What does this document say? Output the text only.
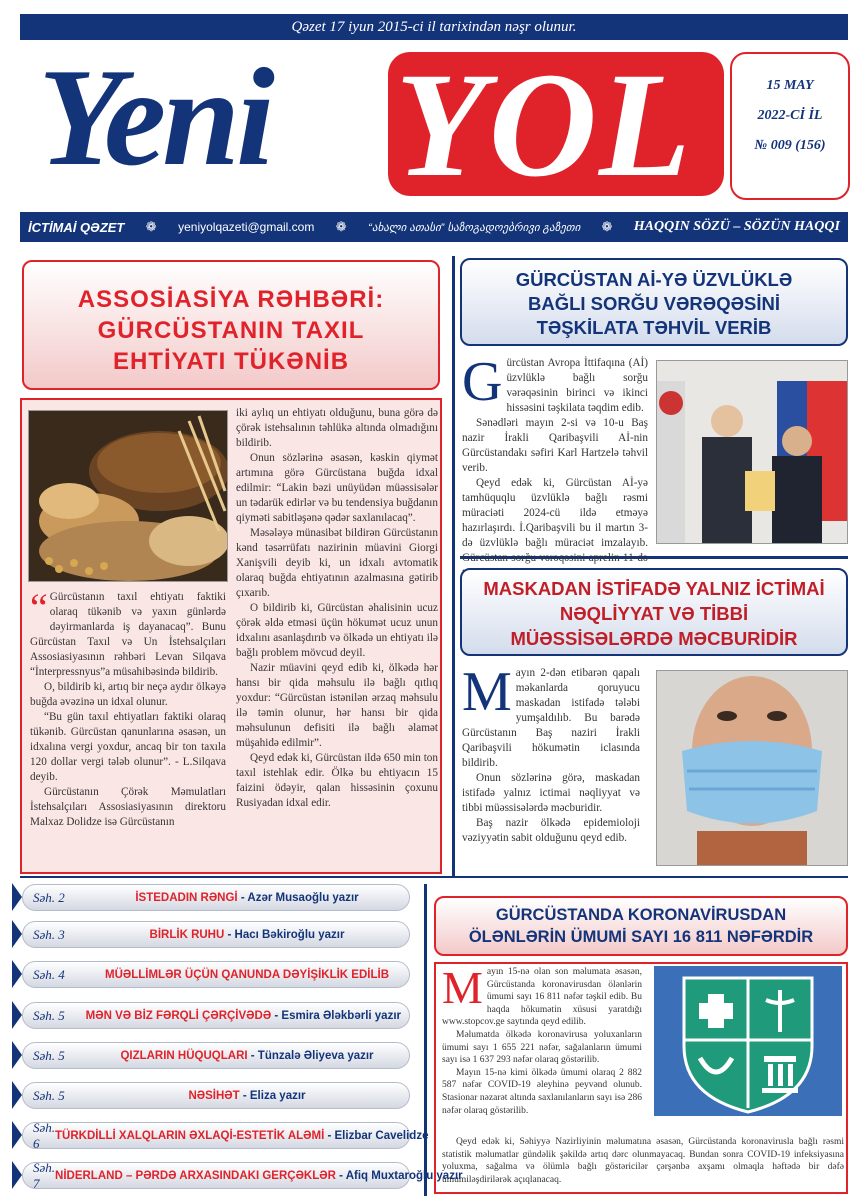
Qəzet 17 iyun 2015-ci il tarixindən nəşr olunur.
Yeni YOL	15 MAY
2022-Cİ İL
№ 009 (156)
İCTİMAİ QƏZET ❁ yeniyolqazeti@gmail.com ❁ “ახალი ათასი” საზოგადოებრივი გაზეთი ❁ HAQQIN SÖZÜ – SÖZÜN HAQQI
ASSOSİASİYA RƏHBƏRİ: GÜRCÜSTANIN TAXIL EHTİYATI TÜKƏNİB

“ Gürcüstanın taxıl ehtiyatı faktiki olaraq tükənib və yaxın günlərdə dəyirmanlarda iş dayanacaq”. Bunu Gürcüstan Taxıl və Un İstehsalçıları Assosiasiyasının rəhbəri Levan Silqava “İnterpressnyus”a müsahibəsində bildirib.

O, bildirib ki, artıq bir neçə aydır ölkəyə buğda əvəzinə un idxal olunur.

“Bu gün taxıl ehtiyatları faktiki olaraq tükənib. Gürcüstan qanunlarına əsasən, un idxalına vergi yoxdur, ancaq bir ton taxıla 120 dollar vergi tələb olunur”. - L.Silqava deyib.

Gürcüstanın Çörək Məmulatları İstehsalçıları Assosiasiyasının direktoru Malxaz Dolidze isə Gürcüstanın

iki aylıq un ehtiyatı olduğunu, buna görə də çörək istehsalının təhlükə altında olmadığını bildirib.

Onun sözlərinə əsasən, kəskin qiymət artımına görə Gürcüstana buğda idxal edilmir: “Lakin bəzi unüyüdən müəssisələr un tədarük edirlər və bu tendensiya buğdanın qiyməti sabitləşənə qədər saxlanılacaq”.

Məsələyə münasibət bildirən Gürcüstanın kənd təsərrüfatı nazirinin müavini Giorgi Xanişvili deyib ki, un idxalı avtomatik olaraq buğda ehtiyatının azalmasına gətirib çıxarıb.

O bildirib ki, Gürcüstan əhalisinin ucuz çörək əldə etməsi üçün hökumət ucuz unun idxalını asanlaşdırıb və ölkədə un ehtiyatı ilə bağlı problem mövcud deyil.

Nazir müavini qeyd edib ki, ölkədə hər hansı bir qida məhsulu ilə bağlı qıtlıq yoxdur: “Gürcüstan istənilən ərzaq məhsulu ilə təmin olunur, hər hansı bir qida məhsulunun defisiti ilə bağlı əlamət müşahidə edilmir”.

Qeyd edək ki, Gürcüstan ildə 650 min ton taxıl istehlak edir. Ölkə bu ehtiyacın 15 faizini ödəyir, qalan hissəsinin çoxunu Rusiyadan idxal edir.

GÜRCÜSTAN Aİ-YƏ ÜZVLÜKLƏ BAĞLI SORĞU VƏRƏQƏSİNİ TƏŞKİLATA TƏHVİL VERİB
G ürcüstan Avropa İttifaqına (Aİ) üzvlüklə bağlı sorğu vərəqəsinin birinci və ikinci hissəsini təşkilata təqdim edib.

Sənədləri mayın 2-si və 10-u Baş nazir İrakli Qaribaşvili Aİ-nin Gürcüstandakı səfiri Karl Hartzelə təhvil verib.

Qeyd edək ki, Gürcüstan Aİ-yə tamhüquqlu üzvlüklə bağlı rəsmi müraciəti 2024-cü ildə etməyə hazırlaşırdı. İ.Qaribaşvili bu il martın 3-də üzvlüklə bağlı müraciət imzalayıb. Gürcüstan sorğu vərəqəsini aprelin 11-də

MASKADAN İSTİFADƏ YALNIZ İCTİMAİ NƏQLİYYAT VƏ TİBBİ MÜƏSSİSƏLƏRDƏ MƏCBURİDİR
M ayın 2-dən etibarən qapalı məkanlarda qoruyucu maskadan istifadə tələbi yumşaldılıb. Bu barədə Gürcüstanın Baş naziri İrakli Qaribaşvili hökumətin iclasında bildirib.

Onun sözlərinə görə, maskadan istifadə yalnız ictimai nəqliyyat və tibbi müəssisələrdə məcburidir.

Baş nazir ölkədə epidemioloji vəziyyətin sabit olduğunu qeyd edib.

GÜRCÜSTANDA KORONAVİRUSDAN ÖLƏNLƏRİN ÜMUMİ SAYI 16 811 NƏFƏRDİR
M ayın 15-nə olan son məlumata əsasən, Gürcüstanda koronavirusdan ölənlərin ümumi sayı 16 811 nəfər təşkil edib. Bu haqda hökumətin xüsusi yaratdığı www.stopcov.ge saytında qeyd edilib.

Məlumatda ölkədə koronavirusa yoluxanların ümumi sayı 1 655 221 nəfər, sağalanların ümumi sayı isə 1 637 293 nəfər olaraq göstərilib.

Mayın 15-nə kimi ölkədə ümumi olaraq 2 882 587 nəfər COVID-19 əleyhinə peyvənd olunub. Stasionar nəzarət altında saxlanılanların sayı isə 286 nəfər olaraq göstərilib.

Qeyd edək ki, Səhiyyə Nazirliyinin məlumatına əsasən, Gürcüstanda koronavirusla bağlı rəsmi statistik məlumatlar gündəlik şəkildə artıq dərc olunmayacaq. Bundan sonra COVID-19 infeksiyasına yoluxma, sağalma və ölümlə bağlı göstəricilər çərşənbə axşamı olmaqla həftədə bir dəfə ümumiləşdirilərək açıqlanacaq.

Səh. 2	İSTEDADIN RƏNGİ - Azər Musaoğlu yazır
Səh. 3	BİRLİK RUHU - Hacı Bəkiroğlu yazır
Səh. 4	MÜƏLLİMLƏR ÜÇÜN QANUNDA DƏYİŞİKLİK EDİLİB
Səh. 5	MƏN VƏ BİZ FƏRQLİ ÇƏRÇİVƏDƏ - Esmira Ələkbərli yazır
Səh. 5	QIZLARIN HÜQUQLARI - Tünzalə Əliyeva yazır
Səh. 5	NƏSİHƏT - Eliza yazır
Səh. 6	TÜRKDİLLİ XALQLARIN ƏXLAQİ-ESTETİK ALƏMİ - Elizbar Cavelidze
Səh. 7	NİDERLAND – PƏRDƏ ARXASINDAKI GERÇƏKLƏR - Afiq Muxtaroğlu yazır
